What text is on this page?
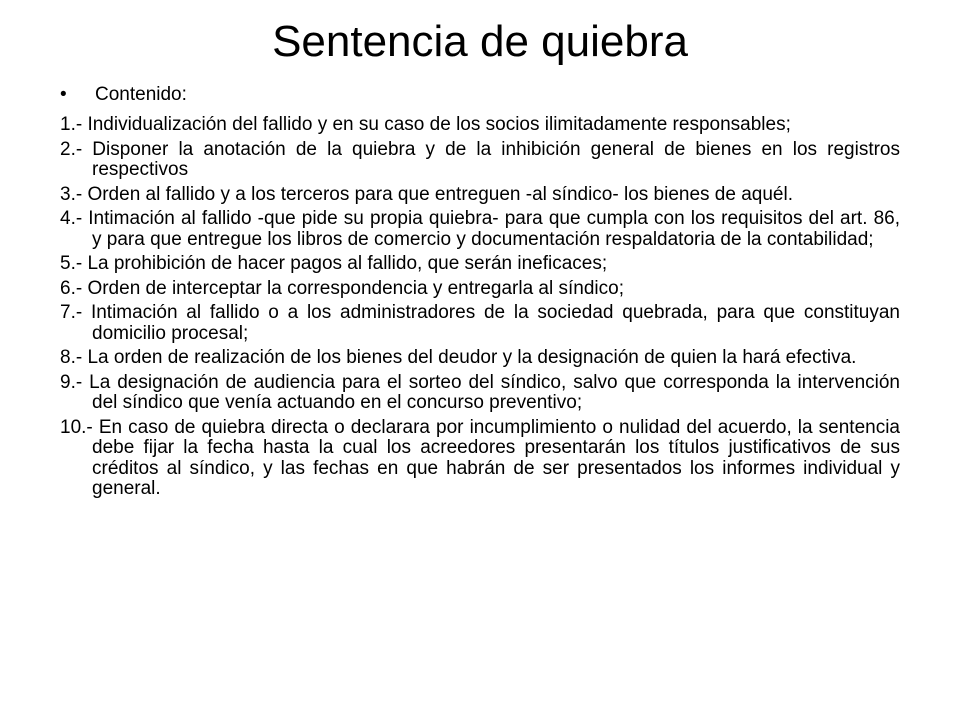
Sentencia de quiebra
• Contenido:
1.- Individualización del fallido y en su caso de los socios ilimitadamente responsables;
2.- Disponer la anotación de la quiebra y de la inhibición general de bienes en los registros respectivos
3.- Orden al fallido y a los terceros para que entreguen -al síndico- los bienes de aquél.
4.- Intimación al fallido -que pide su propia quiebra- para que cumpla con los requisitos del art. 86, y para que entregue los libros de comercio y documentación respaldatoria de la contabilidad;
5.- La prohibición de hacer pagos al fallido, que serán ineficaces;
6.- Orden de interceptar la correspondencia y entregarla al síndico;
7.- Intimación al fallido o a los administradores de la sociedad quebrada, para que constituyan domicilio procesal;
8.- La orden de realización de los bienes del deudor y la designación de quien la hará efectiva.
9.- La designación de audiencia para el sorteo del síndico, salvo que corresponda la intervención del síndico que venía actuando en el concurso preventivo;
10.- En caso de quiebra directa o declarara por incumplimiento o nulidad del acuerdo, la sentencia debe fijar la fecha hasta la cual los acreedores presentarán los títulos justificativos de sus créditos al síndico, y las fechas en que habrán de ser presentados los informes individual y general.
